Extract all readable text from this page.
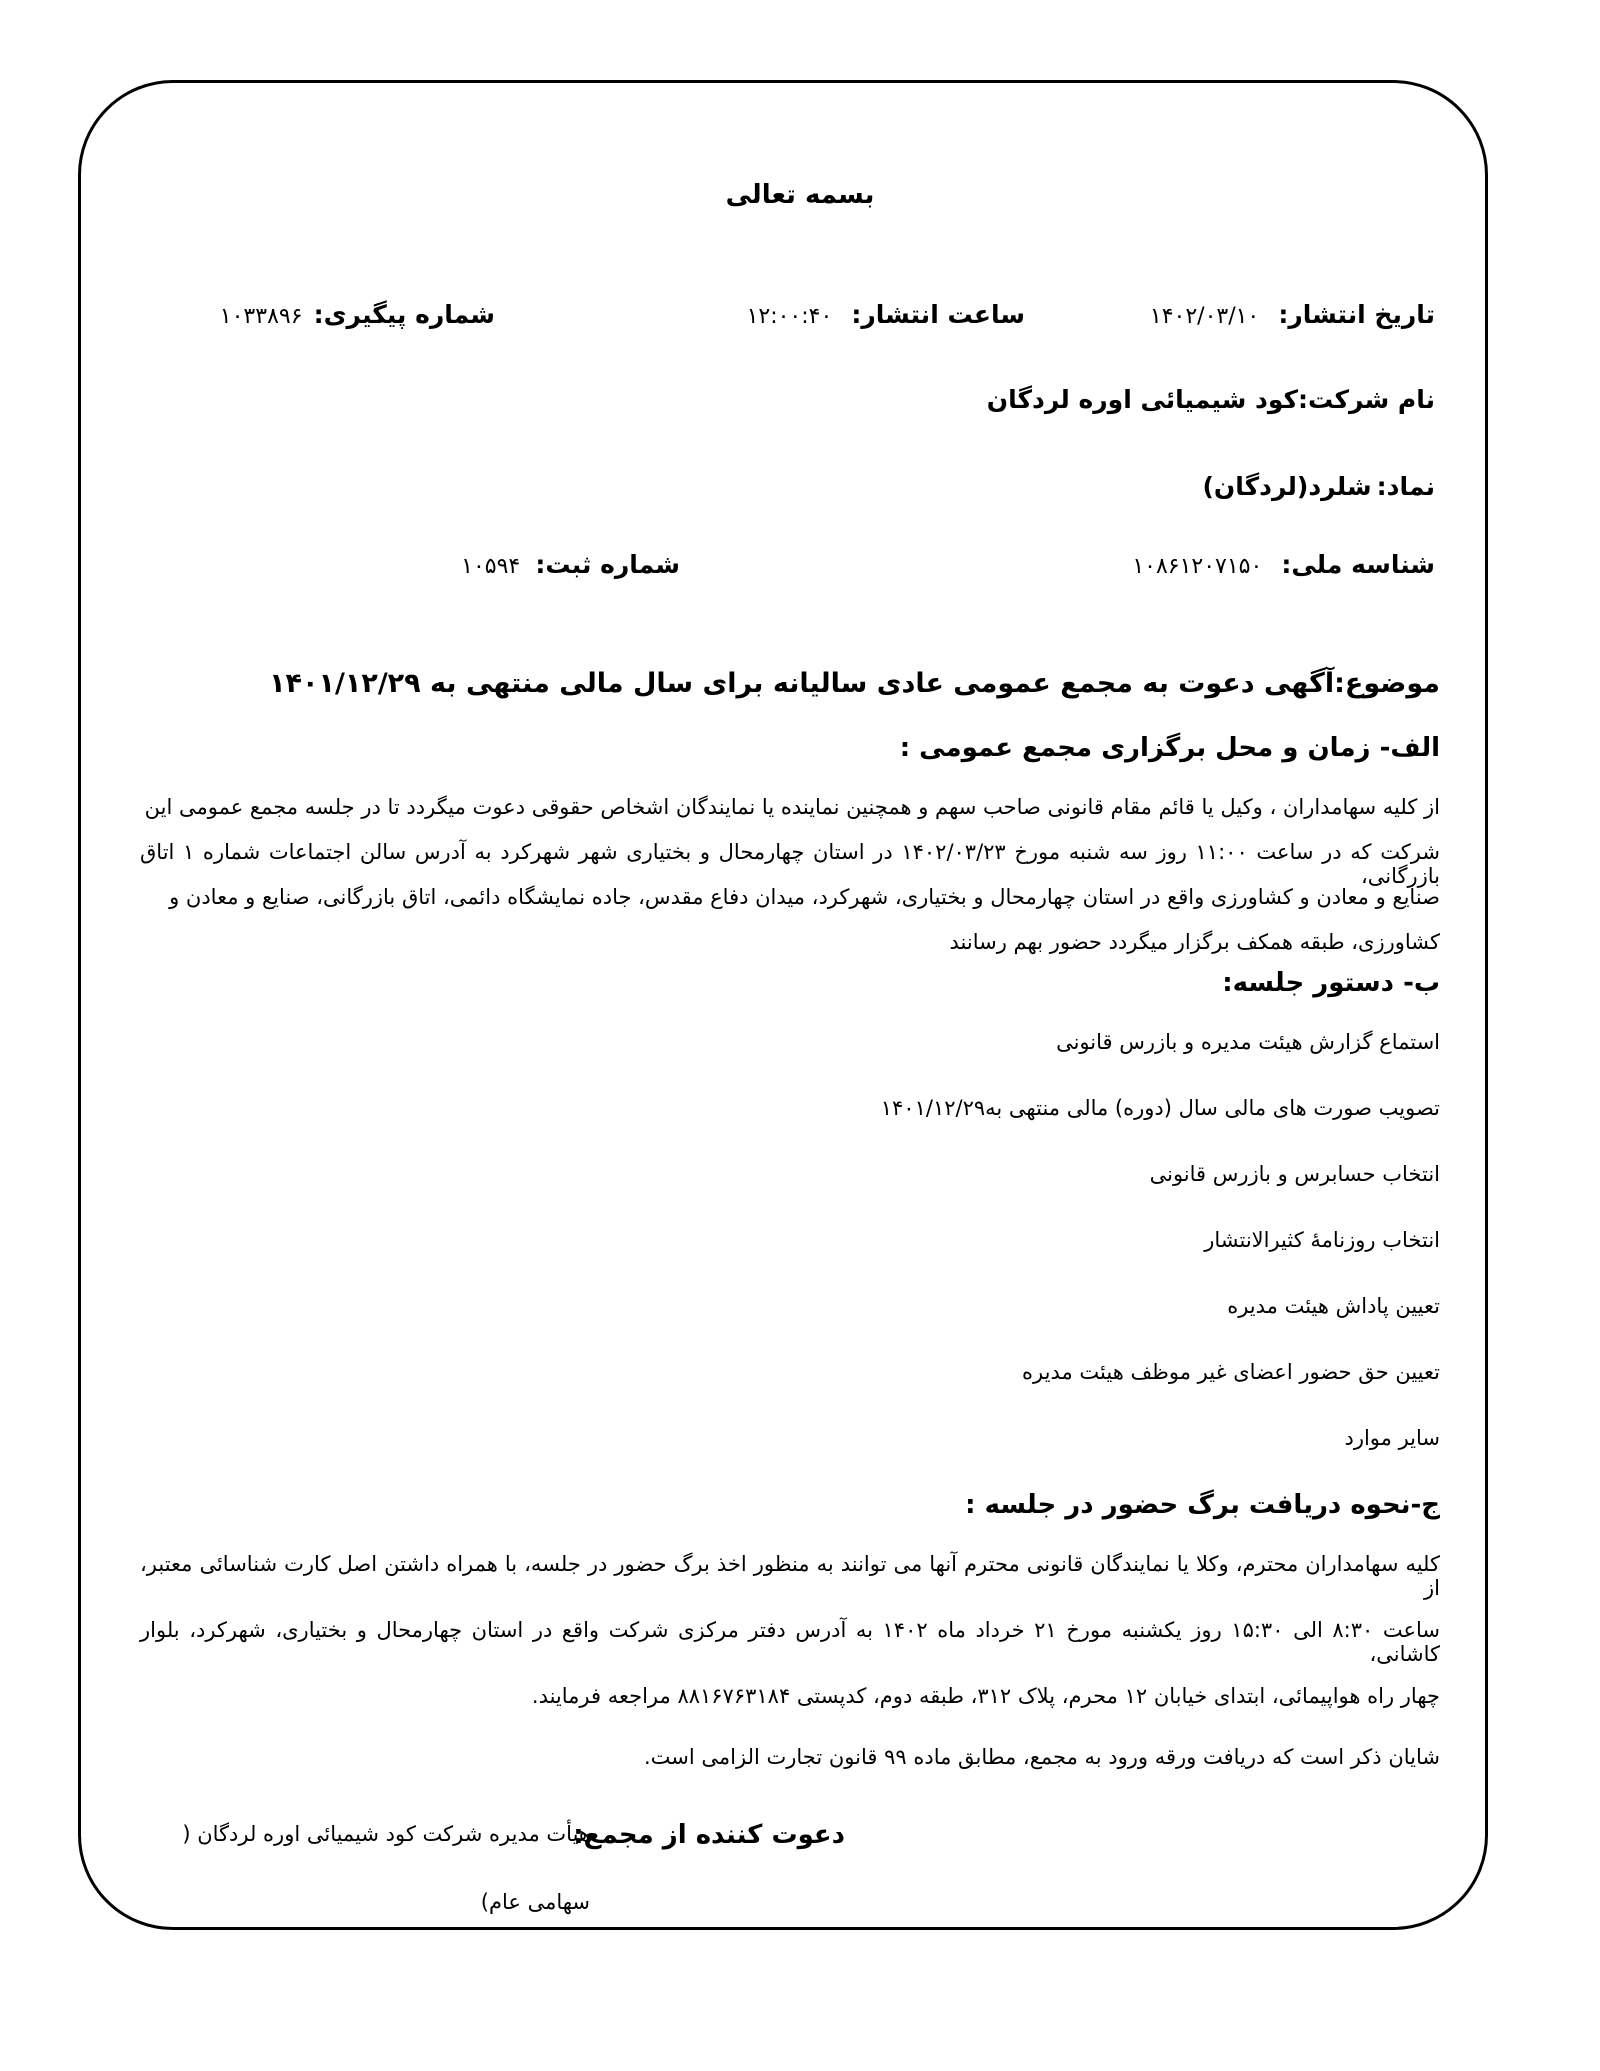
بسمه تعالی
تاریخ انتشار: ۱۴۰۲/۰۳/۱۰
ساعت انتشار: ۱۲:۰۰:۴۰
شماره پیگیری: ۱۰۳۳۸۹۶
نام شرکت:کود شیمیائی اوره لردگان
نماد: شلرد(لردگان)
شناسه ملی: ۱۰۸۶۱۲۰۷۱۵۰
شماره ثبت: ۱۰۵۹۴
موضوع:آگهی دعوت به مجمع عمومی عادی سالیانه برای سال مالی منتهی به ۱۴۰۱/۱۲/۲۹
الف- زمان و محل برگزاری مجمع عمومی :
از کلیه سهامداران ، وکیل یا قائم مقام قانونی صاحب سهم و همچنین نماینده یا نمایندگان اشخاص حقوقی دعوت میگردد تا در جلسه مجمع عمومی این
شرکت که در ساعت ۱۱:۰۰ روز سه شنبه مورخ ۱۴۰۲/۰۳/۲۳ در استان چهارمحال و بختیاری شهر شهرکرد به آدرس سالن اجتماعات شماره ۱ اتاق بازرگانی،
صنایع و معادن و کشاورزی واقع در استان چهارمحال و بختیاری، شهرکرد، میدان دفاع مقدس، جاده نمایشگاه دائمی، اتاق بازرگانی، صنایع و معادن و
کشاورزی، طبقه همکف برگزار میگردد حضور بهم رسانند
ب- دستور جلسه:
استماع گزارش هیئت مدیره و بازرس قانونی
تصویب صورت های مالی سال (دوره) مالی منتهی به۱۴۰۱/۱۲/۲۹
انتخاب حسابرس و بازرس قانونی
انتخاب روزنامۀ کثیرالانتشار
تعیین پاداش هیئت مدیره
تعیین حق حضور اعضای غیر موظف هیئت مدیره
سایر موارد
ج-نحوه دریافت برگ حضور در جلسه :
کلیه سهامداران محترم، وکلا یا نمایندگان قانونی محترم آنها می توانند به منظور اخذ برگ حضور در جلسه، با همراه داشتن اصل کارت شناسائی معتبر، از
ساعت ۸:۳۰ الی ۱۵:۳۰ روز یکشنبه مورخ ۲۱ خرداد ماه ۱۴۰۲ به آدرس دفتر مرکزی شرکت واقع در استان چهارمحال و بختیاری، شهرکرد، بلوار کاشانی،
چهار راه هواپیمائی، ابتدای خیابان ۱۲ محرم، پلاک ۳۱۲، طبقه دوم، کدپستی ۸۸۱۶۷۶۳۱۸۴ مراجعه فرمایند.
شایان ذکر است که دریافت ورقه ورود به مجمع، مطابق ماده ۹۹ قانون تجارت الزامی است.
دعوت کننده از مجمع:
هیأت مدیره شرکت کود شیمیائی اوره لردگان (
سهامی عام)
